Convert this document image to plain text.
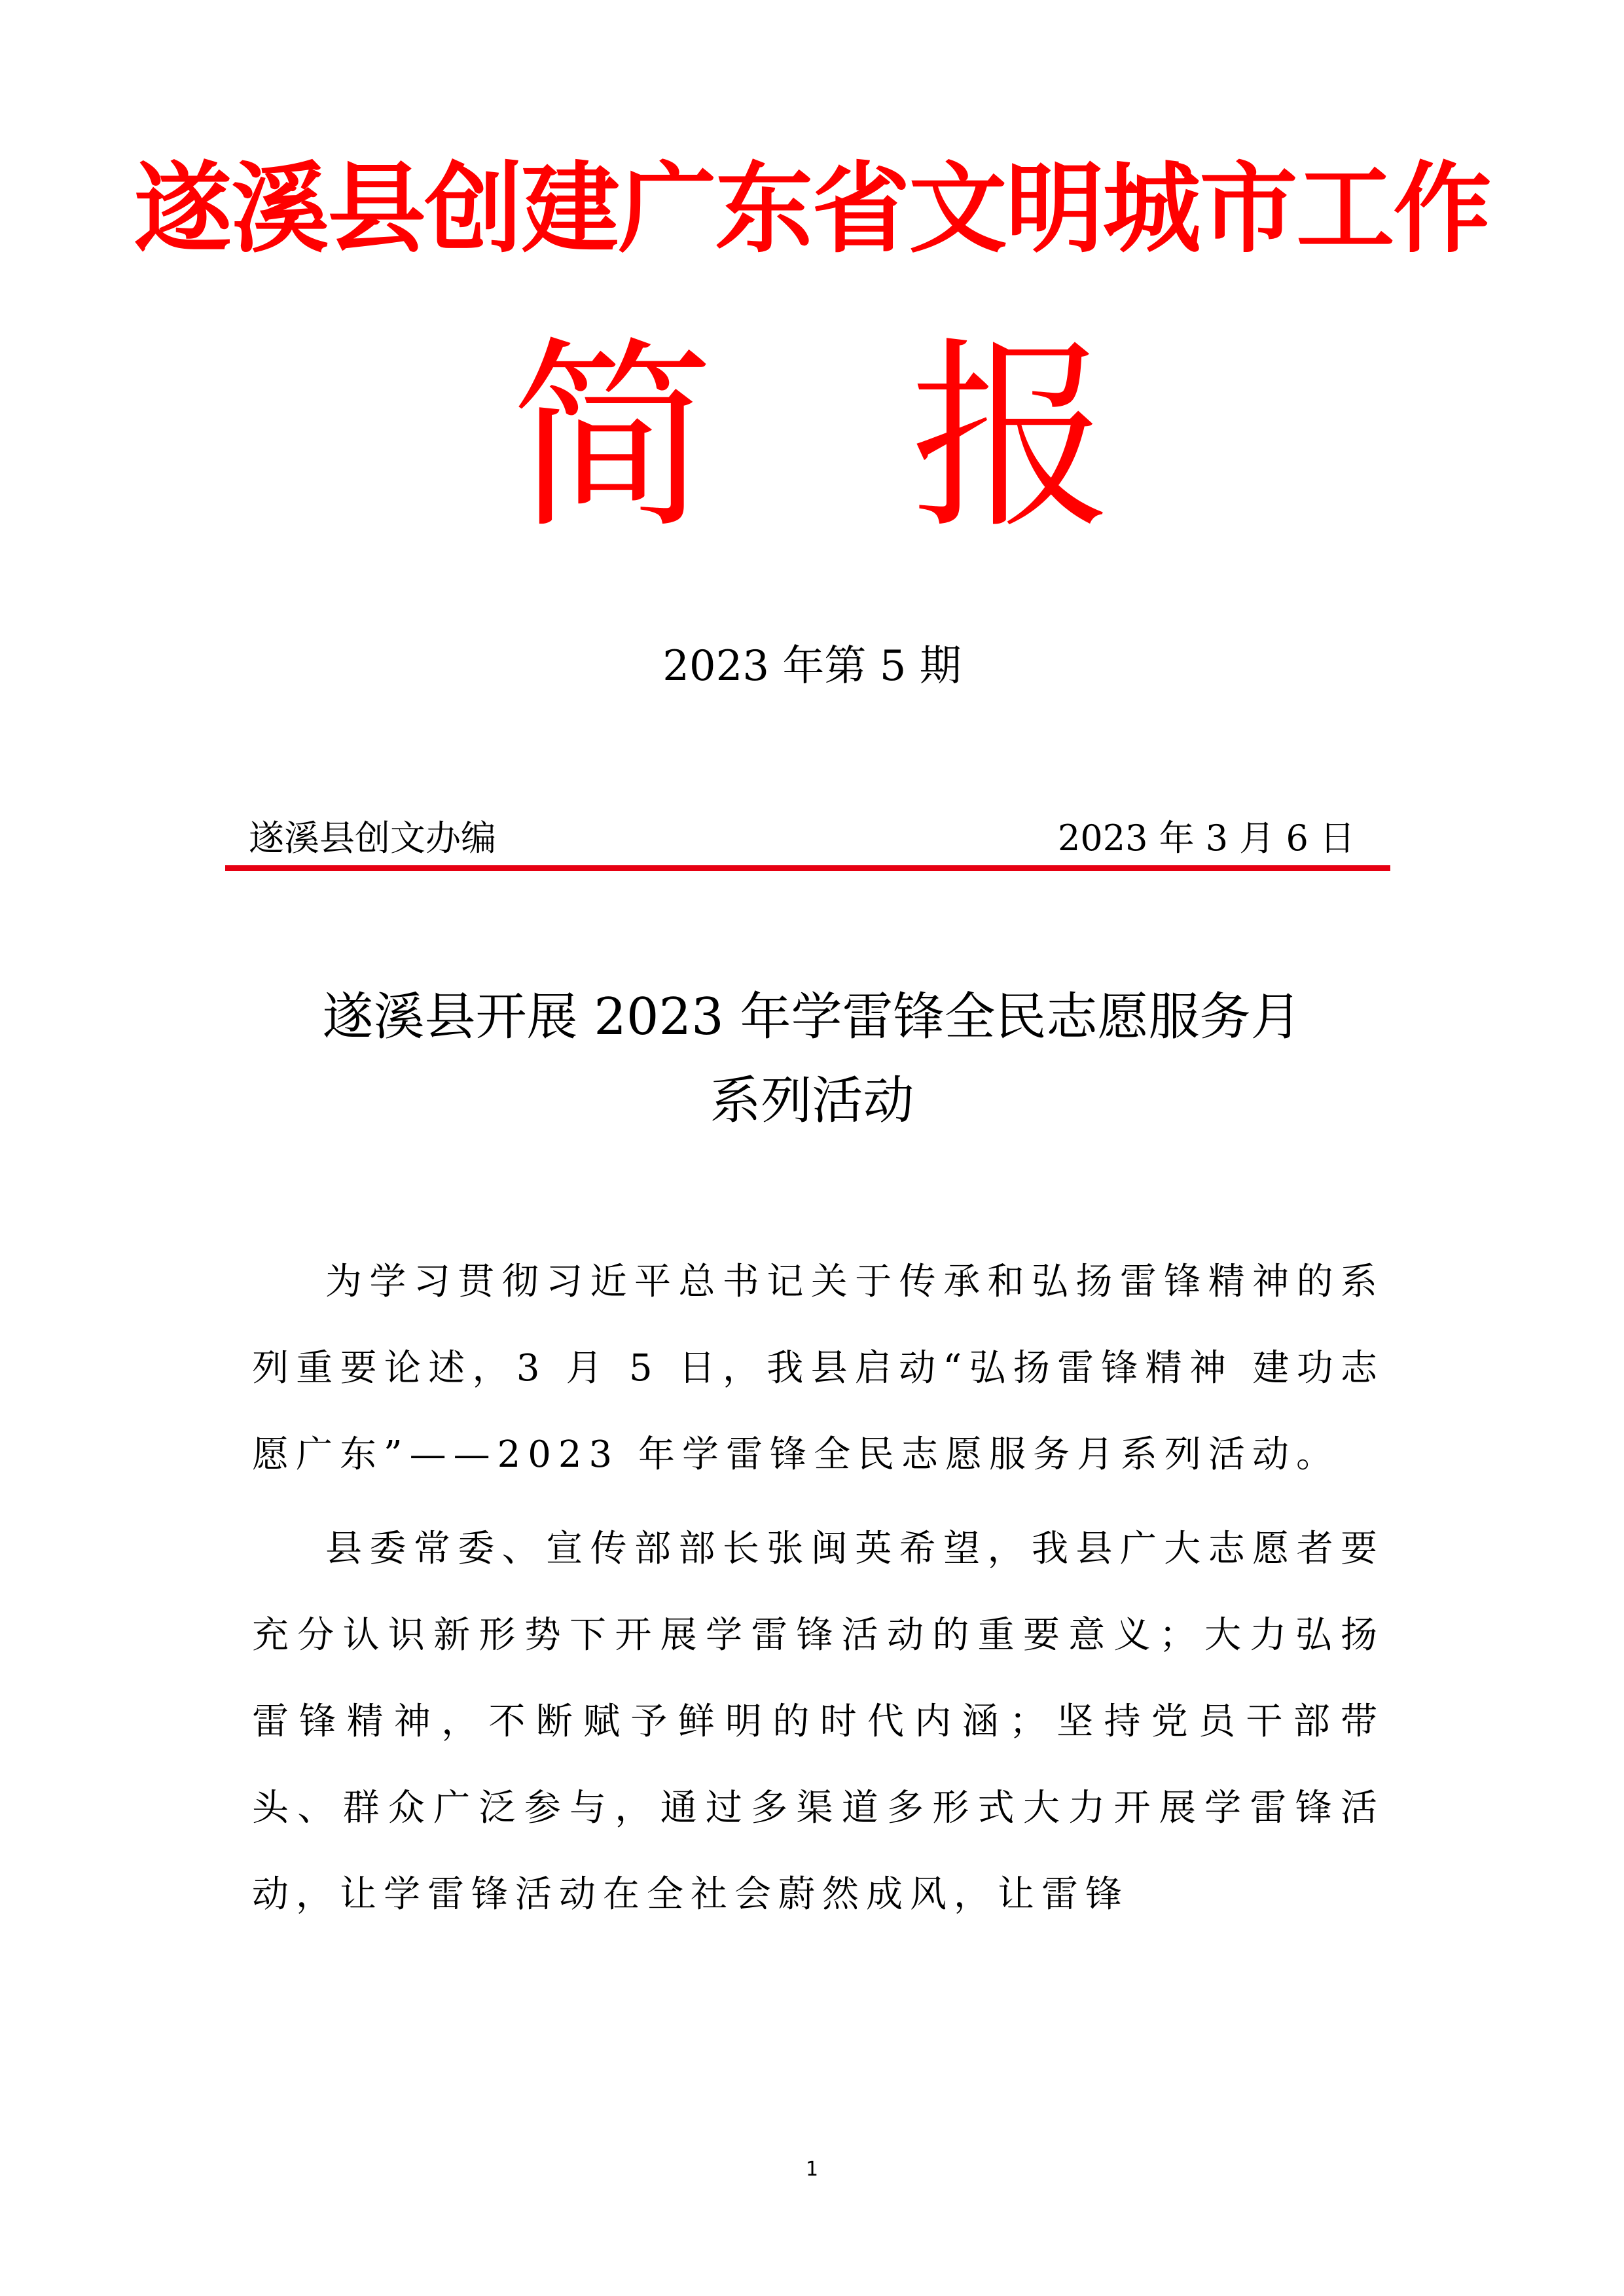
遂溪县创建广东省文明城市工作
简 报
2023 年第 5 期
遂溪县创文办编	2023 年 3 月 6 日
遂溪县开展 2023 年学雷锋全民志愿服务月
系列活动

为学习贯彻习近平总书记关于传承和弘扬雷锋精神的系列重要论述，3 月 5 日，我县启动“弘扬雷锋精神 建功志愿广东”——2023 年学雷锋全民志愿服务月系列活动。

县委常委、宣传部部长张闽英希望，我县广大志愿者要充分认识新形势下开展学雷锋活动的重要意义；大力弘扬雷锋精神，不断赋予鲜明的时代内涵；坚持党员干部带头、群众广泛参与，通过多渠道多形式大力开展学雷锋活动，让学雷锋活动在全社会蔚然成风，让雷锋

1
